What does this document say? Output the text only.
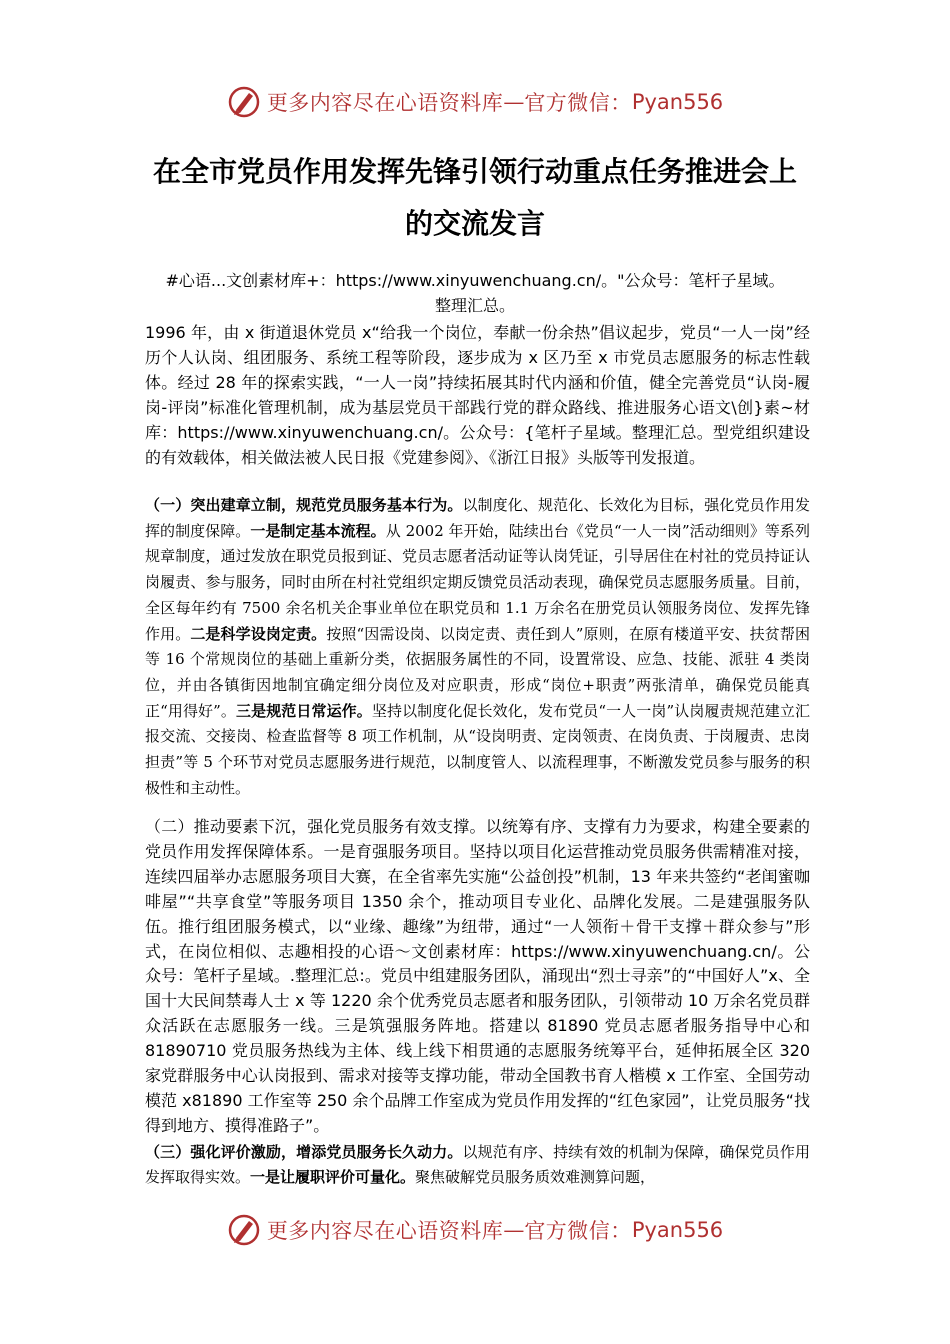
更多内容尽在心语资料库 — 官方微信： Pyan556
在全市党员作用发挥先锋引领行动重点任务推进会上
的交流发言
#心语...文创素材库+：https://www.xinyuwenchuang.cn/。"公众号：笔杆子星域。
整理汇总。

1996 年，由 x 街道退休党员 x“给我一个岗位，奉献一份余热”倡议起步，党员“一人一岗”经历个人认岗、组团服务、系统工程等阶段，逐步成为 x 区乃至 x 市党员志愿服务的标志性载体。经过 28 年的探索实践，“一人一岗”持续拓展其时代内涵和价值，健全完善党员“认岗-履岗-评岗”标准化管理机制，成为基层党员干部践行党的群众路线、推进服务心语文\创}素~材库：https://www.xinyuwenchuang.cn/。公众号：{笔杆子星域。整理汇总。型党组织建设的有效载体，相关做法被人民日报《党建参阅》、《浙江日报》头版等刊发报道。

（一）突出建章立制，规范党员服务基本行为。以制度化、规范化、长效化为目标，强化党员作用发挥的制度保障。一是制定基本流程。从 2002 年开始，陆续出台《党员“一人一岗”活动细则》等系列规章制度，通过发放在职党员报到证、党员志愿者活动证等认岗凭证，引导居住在村社的党员持证认岗履责、参与服务，同时由所在村社党组织定期反馈党员活动表现，确保党员志愿服务质量。目前，全区每年约有 7500 余名机关企事业单位在职党员和 1.1 万余名在册党员认领服务岗位、发挥先锋作用。二是科学设岗定责。按照“因需设岗、以岗定责、责任到人”原则，在原有楼道平安、扶贫帮困等 16 个常规岗位的基础上重新分类，依据服务属性的不同，设置常设、应急、技能、派驻 4 类岗位，并由各镇街因地制宜确定细分岗位及对应职责，形成“岗位+职责”两张清单，确保党员能真正“用得好”。三是规范日常运作。坚持以制度化促长效化，发布党员“一人一岗”认岗履责规范建立汇报交流、交接岗、检查监督等 8 项工作机制，从“设岗明责、定岗领责、在岗负责、于岗履责、忠岗担责”等 5 个环节对党员志愿服务进行规范，以制度管人、以流程理事，不断激发党员参与服务的积极性和主动性。

（二）推动要素下沉，强化党员服务有效支撑。以统筹有序、支撑有力为要求，构建全要素的党员作用发挥保障体系。一是育强服务项目。坚持以项目化运营推动党员服务供需精准对接，连续四届举办志愿服务项目大赛，在全省率先实施“公益创投”机制，13 年来共签约“老闺蜜咖啡屋”“共享食堂”等服务项目 1350 余个，推动项目专业化、品牌化发展。二是建强服务队伍。推行组团服务模式，以“业缘、趣缘”为纽带，通过“一人领衔＋骨干支撑＋群众参与”形式，在岗位相似、志趣相投的心语～文创素材库：https://www.xinyuwenchuang.cn/。公众号：笔杆子星域。.整理汇总:。党员中组建服务团队，涌现出“烈士寻亲”的“中国好人”x、全国十大民间禁毒人士 x 等 1220 余个优秀党员志愿者和服务团队，引领带动 10 万余名党员群众活跃在志愿服务一线。三是筑强服务阵地。搭建以 81890 党员志愿者服务指导中心和 81890710 党员服务热线为主体、线上线下相贯通的志愿服务统筹平台，延伸拓展全区 320 家党群服务中心认岗报到、需求对接等支撑功能，带动全国教书育人楷模 x 工作室、全国劳动模范 x81890 工作室等 250 余个品牌工作室成为党员作用发挥的“红色家园”，让党员服务“找得到地方、摸得准路子”。

（三）强化评价激励，增添党员服务长久动力。以规范有序、持续有效的机制为保障，确保党员作用发挥取得实效。一是让履职评价可量化。聚焦破解党员服务质效难测算问题，

更多内容尽在心语资料库 — 官方微信： Pyan556
